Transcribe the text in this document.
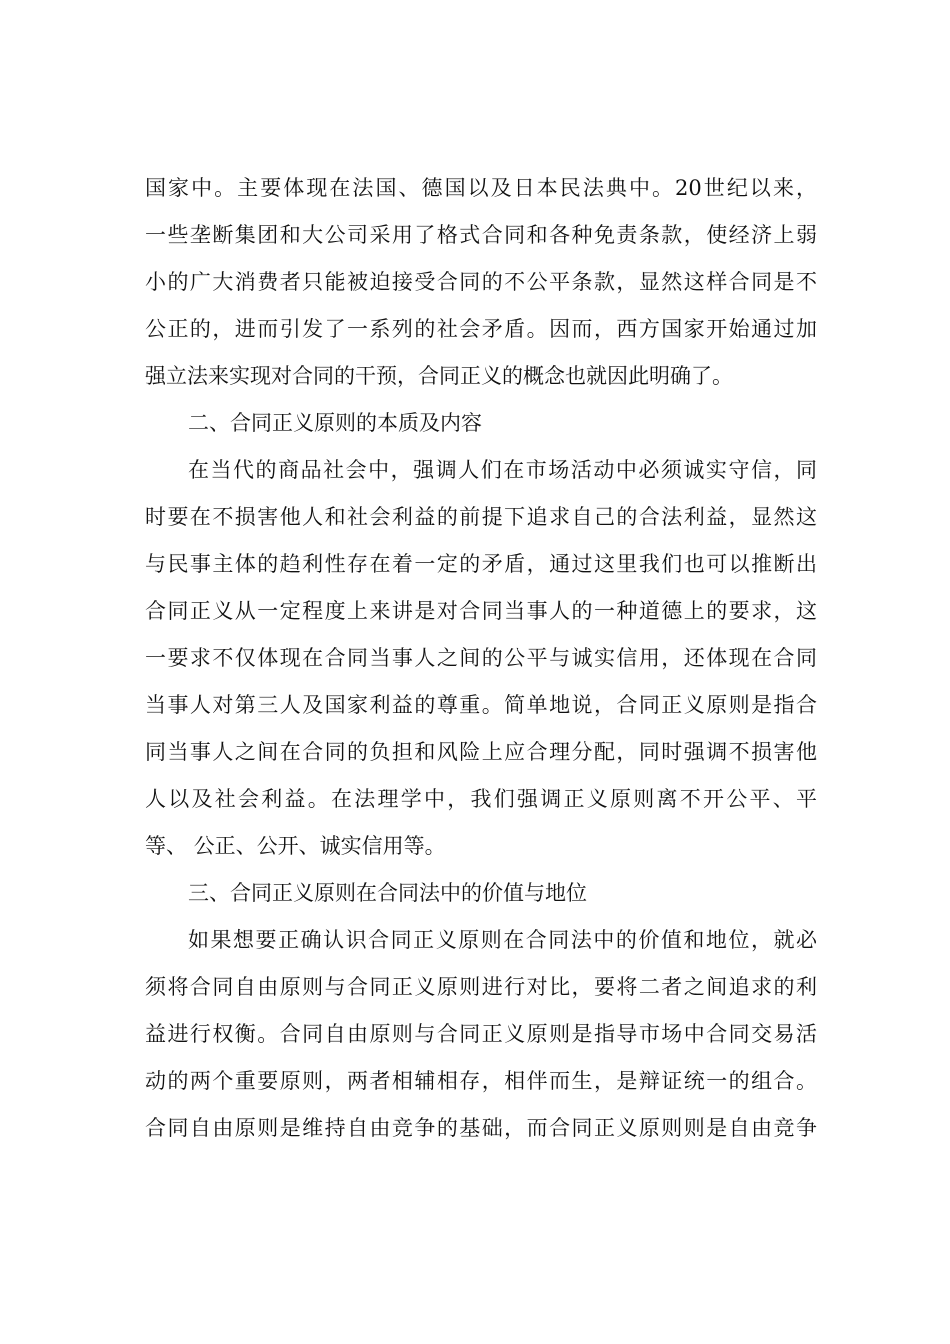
国家中。主要体现在法国、德国以及日本民法典中。20世纪以来，
一些垄断集团和大公司采用了格式合同和各种免责条款，使经济上弱
小的广大消费者只能被迫接受合同的不公平条款，显然这样合同是不
公正的，进而引发了一系列的社会矛盾。因而，西方国家开始通过加
强立法来实现对合同的干预，合同正义的概念也就因此明确了。
二、合同正义原则的本质及内容
在当代的商品社会中，强调人们在市场活动中必须诚实守信，同
时要在不损害他人和社会利益的前提下追求自己的合法利益，显然这
与民事主体的趋利性存在着一定的矛盾，通过这里我们也可以推断出
合同正义从一定程度上来讲是对合同当事人的一种道德上的要求，这
一要求不仅体现在合同当事人之间的公平与诚实信用，还体现在合同
当事人对第三人及国家利益的尊重。简单地说，合同正义原则是指合
同当事人之间在合同的负担和风险上应合理分配，同时强调不损害他
人以及社会利益。在法理学中，我们强调正义原则离不开公平、平
等、 公正、公开、诚实信用等。
三、合同正义原则在合同法中的价值与地位
如果想要正确认识合同正义原则在合同法中的价值和地位，就必
须将合同自由原则与合同正义原则进行对比，要将二者之间追求的利
益进行权衡。合同自由原则与合同正义原则是指导市场中合同交易活
动的两个重要原则，两者相辅相存，相伴而生，是辩证统一的组合。
合同自由原则是维持自由竞争的基础，而合同正义原则则是自由竞争
